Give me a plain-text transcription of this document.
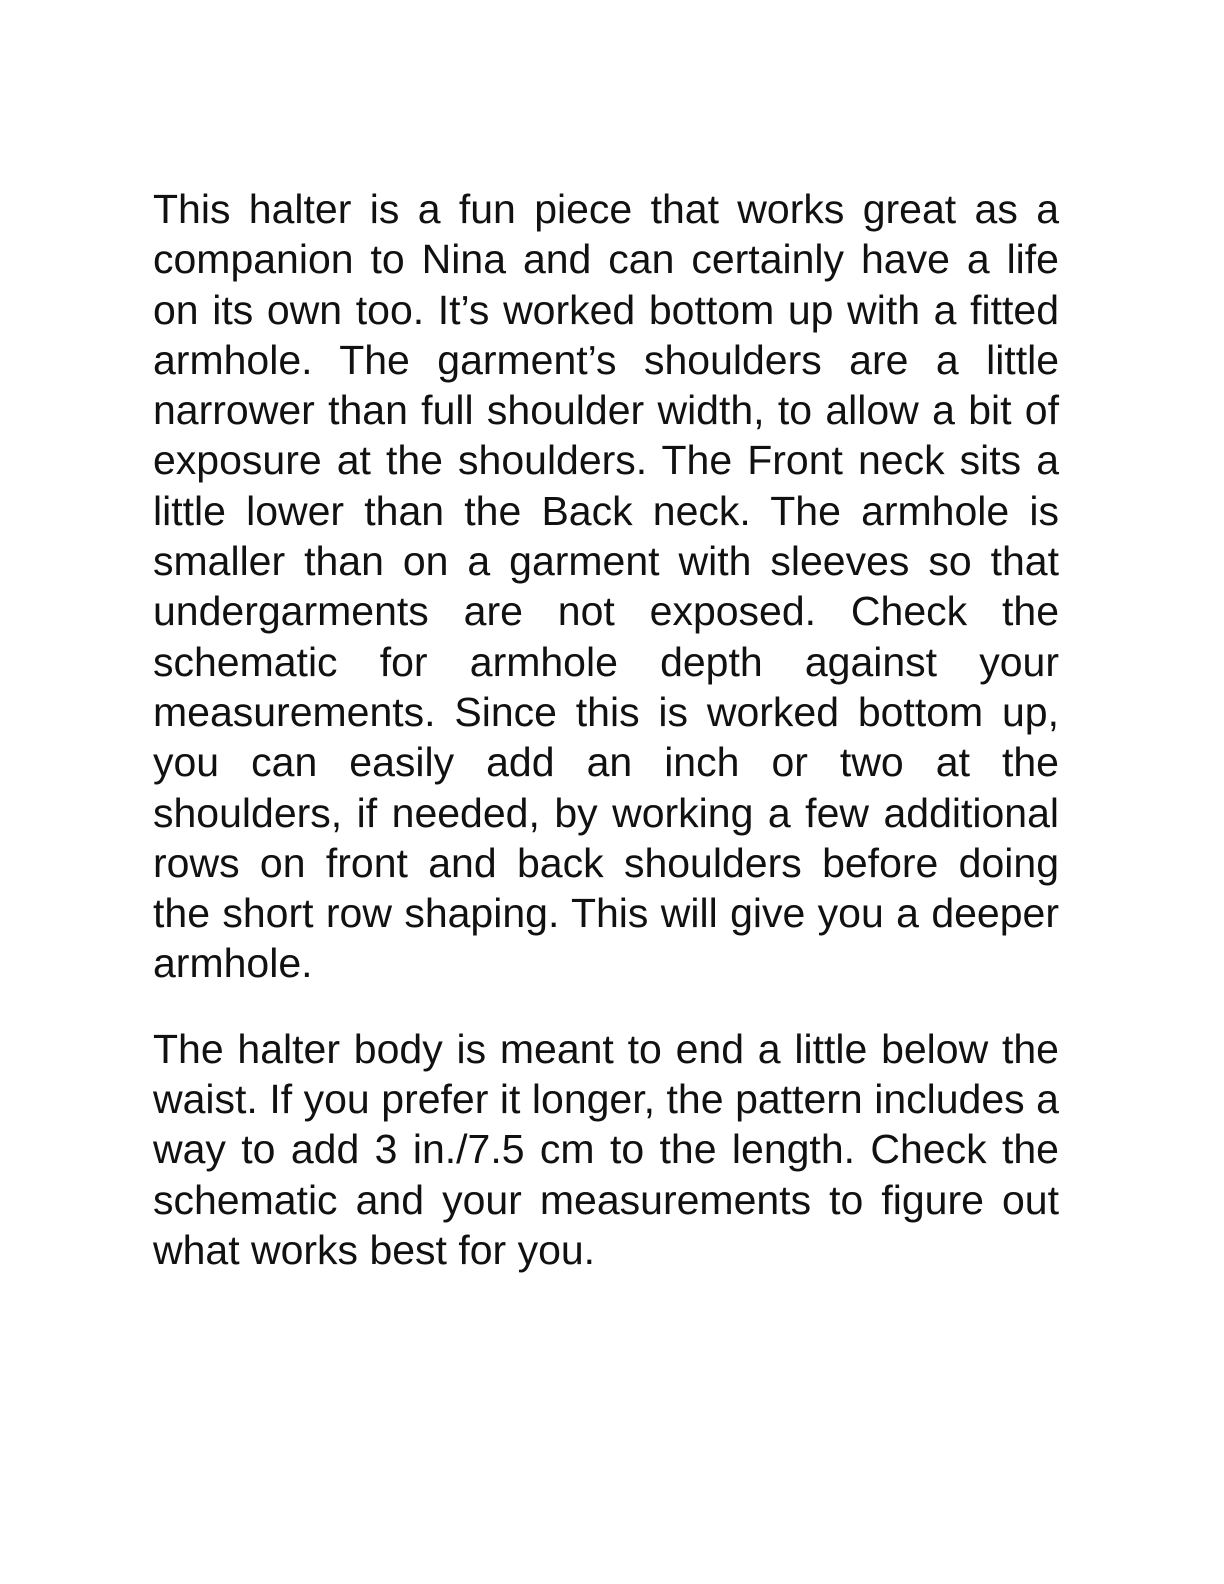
This halter is a fun piece that works great as a companion to Nina and can certainly have a life on its own too. It’s worked bottom up with a fitted armhole. The garment’s shoulders are a little narrower than full shoulder width, to allow a bit of exposure at the shoulders. The Front neck sits a little lower than the Back neck. The armhole is smaller than on a garment with sleeves so that undergarments are not exposed. Check the schematic for armhole depth against your measurements. Since this is worked bottom up, you can easily add an inch or two at the shoulders, if needed, by working a few additional rows on front and back shoulders before doing the short row shaping. This will give you a deeper armhole.

The halter body is meant to end a little below the waist. If you prefer it longer, the pattern includes a way to add 3 in./7.5 cm to the length. Check the schematic and your measurements to figure out what works best for you.
